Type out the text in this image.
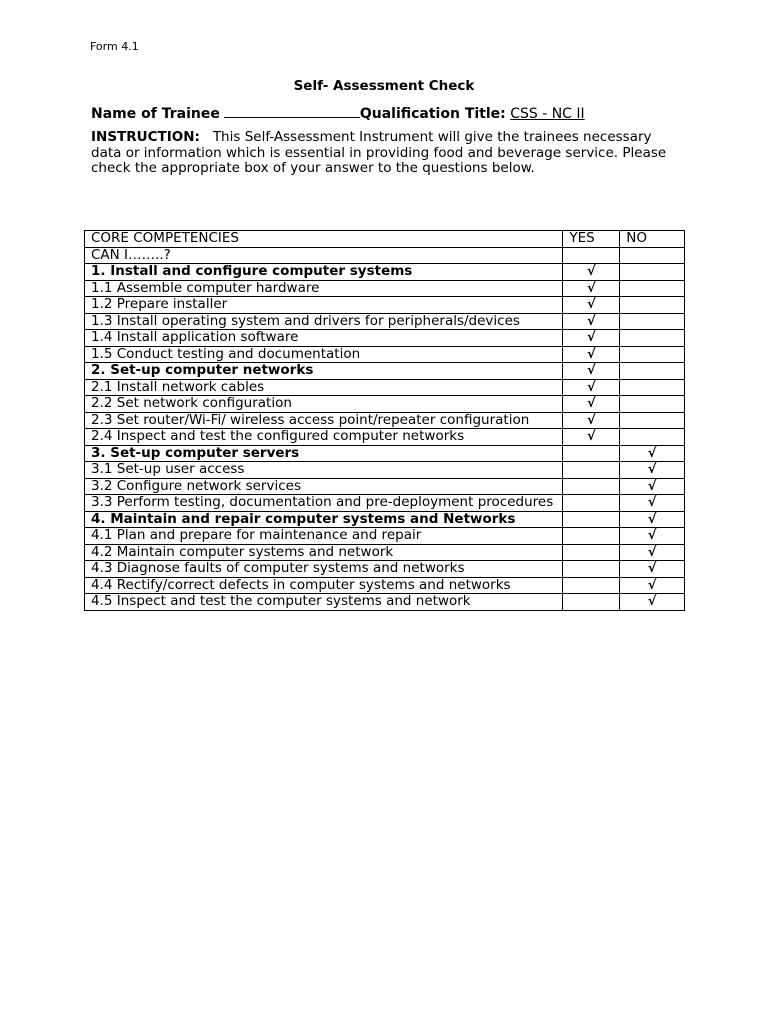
Form 4.1
Self- Assessment Check
Name of Trainee	Qualification Title: CSS - NC II
INSTRUCTION: This Self-Assessment Instrument will give the trainees necessary data or information which is essential in providing food and beverage service. Please check the appropriate box of your answer to the questions below.
CORE COMPETENCIES	YES	NO
CAN I……..?		
1. Install and configure computer systems	√	
1.1 Assemble computer hardware	√	
1.2 Prepare installer	√	
1.3 Install operating system and drivers for peripherals/devices	√	
1.4 Install application software	√	
1.5 Conduct testing and documentation	√	
2. Set-up computer networks	√	
2.1 Install network cables	√	
2.2 Set network configuration	√	
2.3 Set router/Wi-Fi/ wireless access point/repeater configuration	√	
2.4 Inspect and test the configured computer networks	√	
3. Set-up computer servers		√
3.1 Set-up user access		√
3.2 Configure network services		√
3.3 Perform testing, documentation and pre-deployment procedures		√
4. Maintain and repair computer systems and Networks		√
4.1 Plan and prepare for maintenance and repair		√
4.2 Maintain computer systems and network		√
4.3 Diagnose faults of computer systems and networks		√
4.4 Rectify/correct defects in computer systems and networks		√
4.5 Inspect and test the computer systems and network		√
